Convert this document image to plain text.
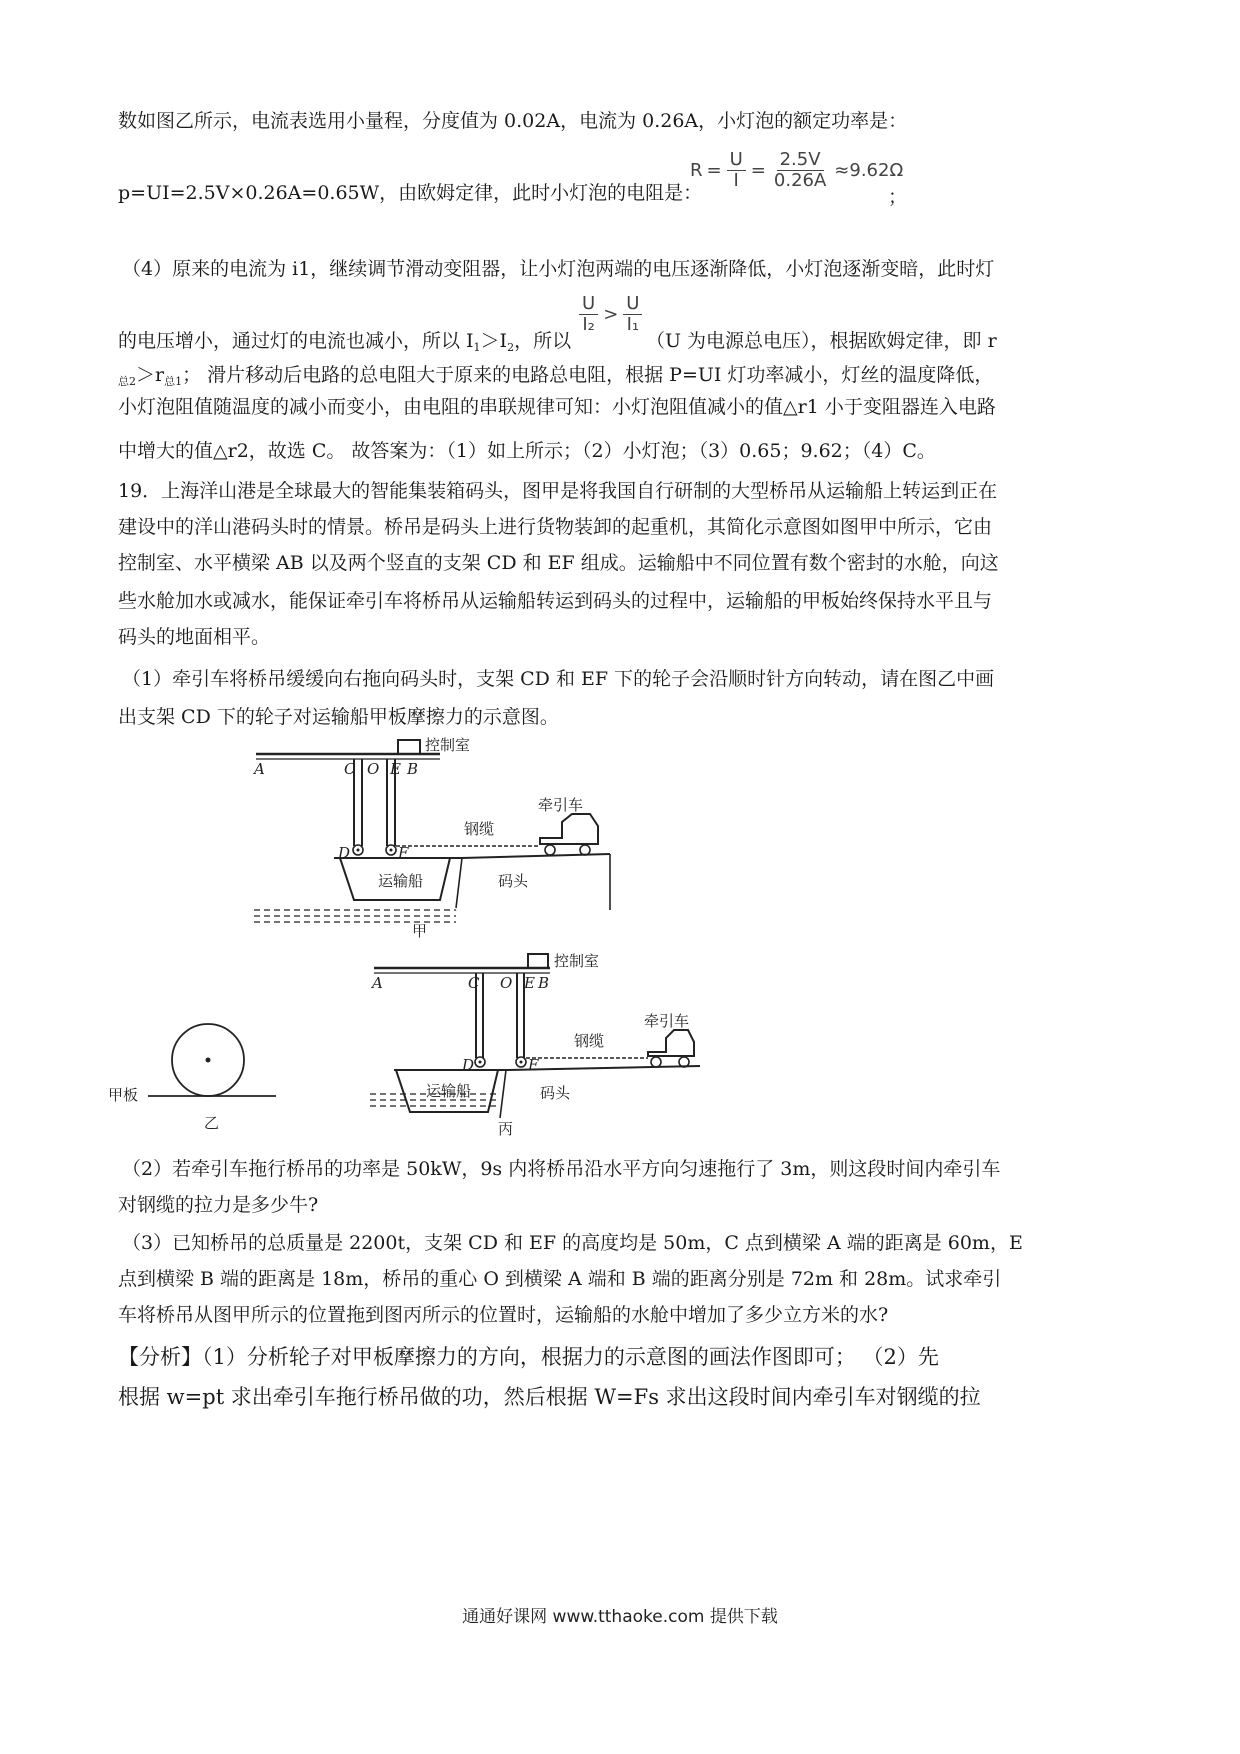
数如图乙所示，电流表选用小量程，分度值为 0.02A，电流为 0.26A，小灯泡的额定功率是：
p=UI=2.5V×0.26A=0.65W，由欧姆定律，此时小灯泡的电阻是：
$R = \frac{U}{I} = \frac{2.5V}{0.26A} \approx 9.62\Omega$
；
（4）原来的电流为 i1，继续调节滑动变阻器，让小灯泡两端的电压逐渐降低，小灯泡逐渐变暗，此时灯
的电压增小，通过灯的电流也减小，所以 $I_1>I_2$，所以
$\frac{U}{\text{I₂}} > \frac{U}{\text{I₁}}$
（U 为电源总电压），根据欧姆定律，即 r
$_{总2}>r_{总1}$； 滑片移动后电路的总电阻大于原来的电路总电阻，根据 P=UI 灯功率减小，灯丝的温度降低，
小灯泡阻值随温度的减小而变小，由电阻的串联规律可知：小灯泡阻值减小的值△r1 小于变阻器连入电路
中增大的值△r2，故选 C。 故答案为：（1）如上所示；（2）小灯泡；（3）0.65；9.62；（4）C。
19．上海洋山港是全球最大的智能集装箱码头，图甲是将我国自行研制的大型桥吊从运输船上转运到正在
建设中的洋山港码头时的情景。桥吊是码头上进行货物装卸的起重机，其简化示意图如图甲中所示，它由
控制室、水平横梁 AB 以及两个竖直的支架 CD 和 EF 组成。运输船中不同位置有数个密封的水舱，向这
些水舱加水或减水，能保证牵引车将桥吊从运输船转运到码头的过程中，运输船的甲板始终保持水平且与
码头的地面相平。
（1）牵引车将桥吊缓缓向右拖向码头时，支架 CD 和 EF 下的轮子会沿顺时针方向转动，请在图乙中画
出支架 CD 下的轮子对运输船甲板摩擦力的示意图。
控制室
A	C O E B
D	F
钢缆
牵引车
运输船	码头
甲
甲板
乙
控制室
A	C O E B
D	F
钢缆
牵引车
运输船	码头
丙
（2）若牵引车拖行桥吊的功率是 50kW，9s 内将桥吊沿水平方向匀速拖行了 3m，则这段时间内牵引车
对钢缆的拉力是多少牛?
（3）已知桥吊的总质量是 2200t，支架 CD 和 EF 的高度均是 50m，C 点到横梁 A 端的距离是 60m，E
点到横梁 B 端的距离是 18m，桥吊的重心 O 到横梁 A 端和 B 端的距离分别是 72m 和 28m。试求牵引
车将桥吊从图甲所示的位置拖到图丙所示的位置时，运输船的水舱中增加了多少立方米的水?
【分析】（1）分析轮子对甲板摩擦力的方向，根据力的示意图的画法作图即可； （2）先
根据 w=pt 求出牵引车拖行桥吊做的功，然后根据 W=Fs 求出这段时间内牵引车对钢缆的拉
通通好课网 www.tthaoke.com 提供下载
